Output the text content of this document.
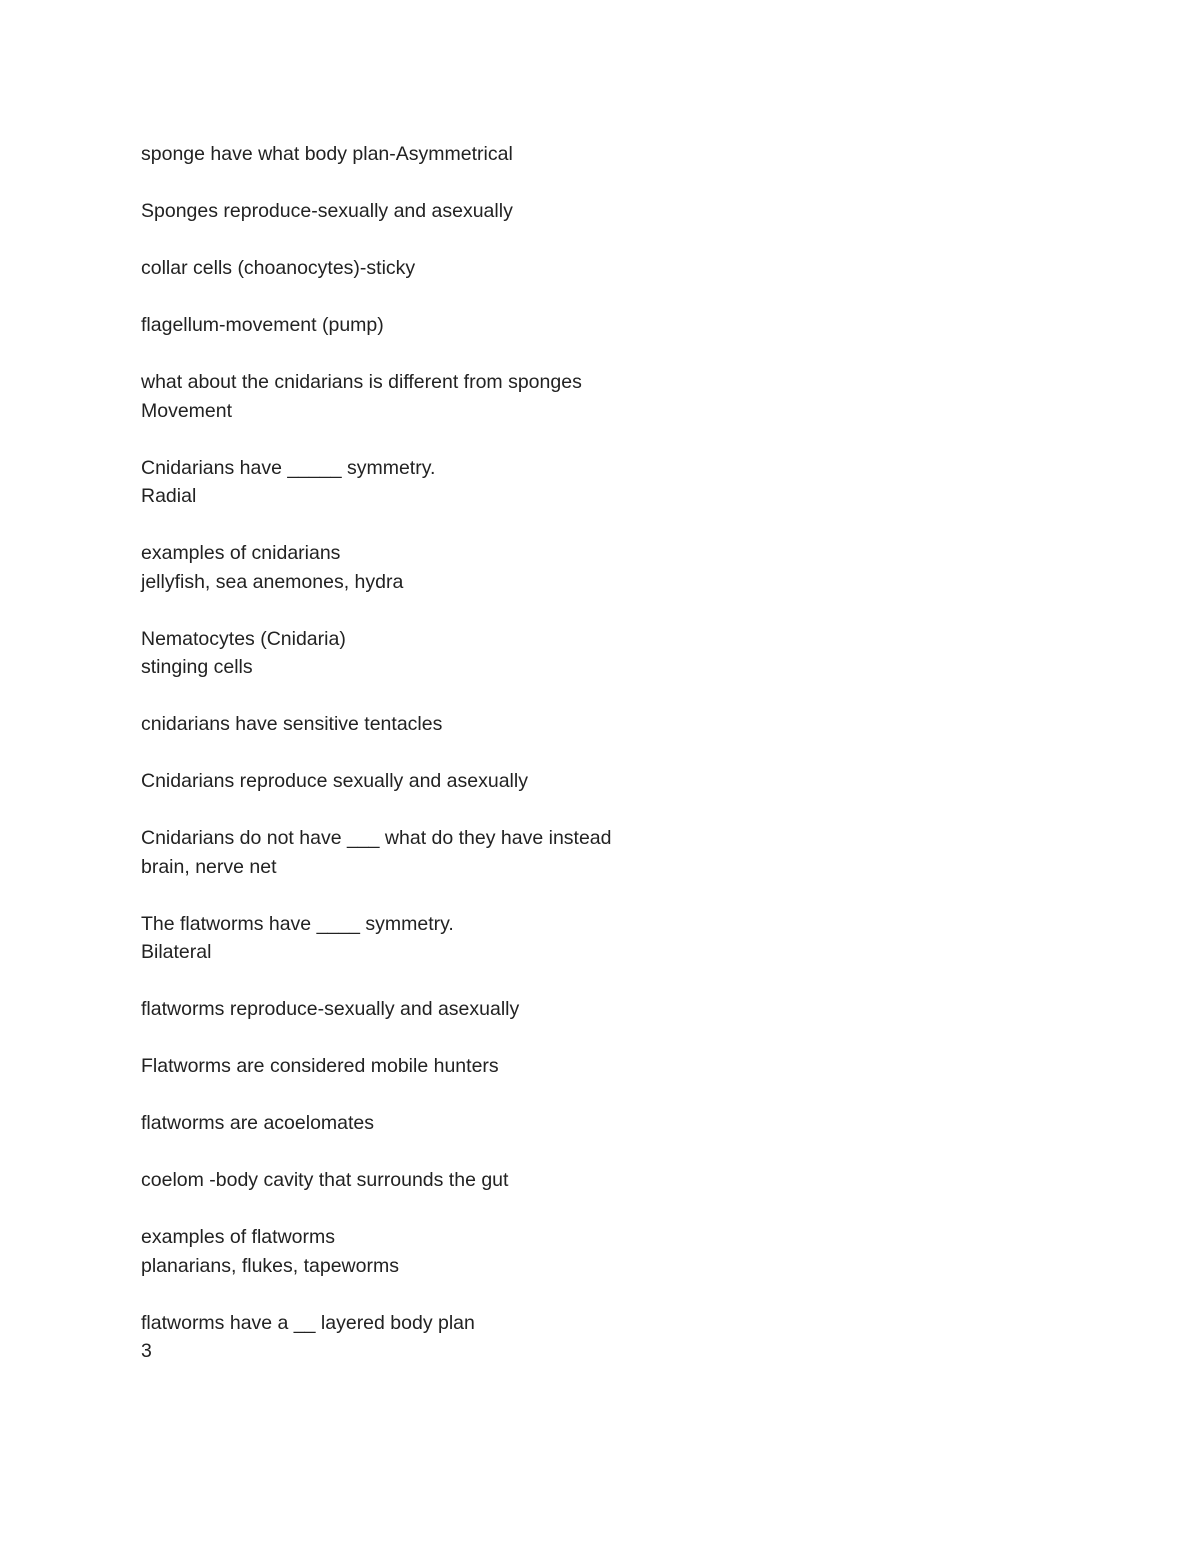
sponge have what body plan-Asymmetrical
Sponges reproduce-sexually and asexually
collar cells (choanocytes)-sticky
flagellum-movement (pump)
what about the cnidarians is different from sponges
Movement
Cnidarians have _____ symmetry.
Radial
examples of cnidarians
jellyfish, sea anemones, hydra
Nematocytes (Cnidaria)
stinging cells
cnidarians have sensitive tentacles
Cnidarians reproduce sexually and asexually
Cnidarians do not have ___ what do they have instead
brain, nerve net
The flatworms have ____ symmetry.
Bilateral
flatworms reproduce-sexually and asexually
Flatworms are considered mobile hunters
flatworms are acoelomates
coelom -body cavity that surrounds the gut
examples of flatworms
planarians, flukes, tapeworms
flatworms have a __ layered body plan
3
